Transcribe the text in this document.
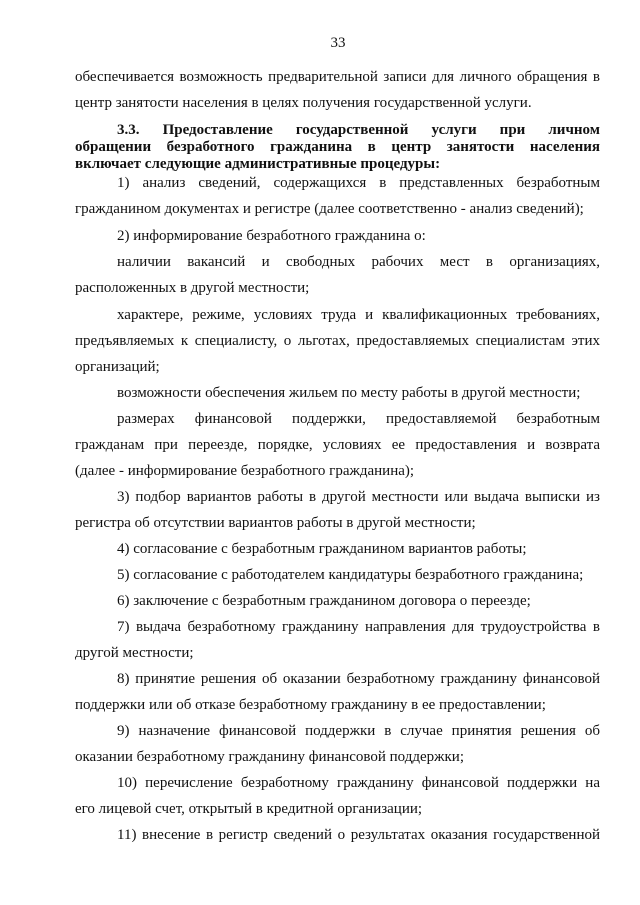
33
обеспечивается возможность предварительной записи для личного обращения в
центр занятости населения в целях получения государственной услуги.
3.3. Предоставление государственной услуги при личном
обращении безработного гражданина в центр занятости населения
включает следующие административные процедуры:
1) анализ сведений, содержащихся в представленных безработным
гражданином документах и регистре (далее соответственно - анализ сведений);
2) информирование безработного гражданина о:
наличии вакансий и свободных рабочих мест в организациях,
расположенных в другой местности;
характере, режиме, условиях труда и квалификационных требованиях,
предъявляемых к специалисту, о льготах, предоставляемых специалистам этих
организаций;
возможности обеспечения жильем по месту работы в другой местности;
размерах финансовой поддержки, предоставляемой безработным
гражданам при переезде, порядке, условиях ее предоставления и возврата
(далее - информирование безработного гражданина);
3) подбор вариантов работы в другой местности или выдача выписки из
регистра об отсутствии вариантов работы в другой местности;
4) согласование с безработным гражданином вариантов работы;
5) согласование с работодателем кандидатуры безработного гражданина;
6) заключение с безработным гражданином договора о переезде;
7) выдача безработному гражданину направления для трудоустройства в
другой местности;
8) принятие решения об оказании безработному гражданину финансовой
поддержки или об отказе безработному гражданину в ее предоставлении;
9) назначение финансовой поддержки в случае принятия решения об
оказании безработному гражданину финансовой поддержки;
10) перечисление безработному гражданину финансовой поддержки на
его лицевой счет, открытый в кредитной организации;
11) внесение в регистр сведений о результатах оказания государственной
